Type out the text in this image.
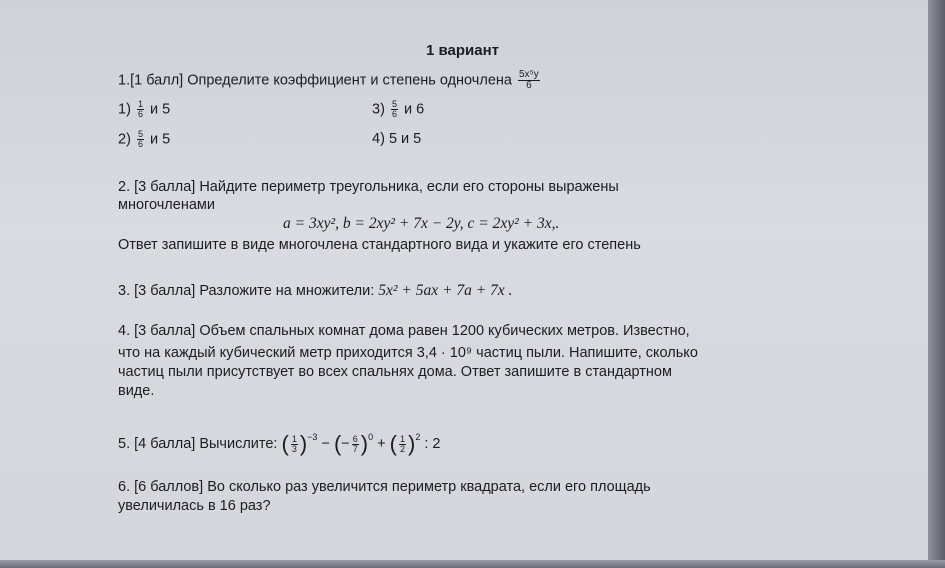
1 вариант
1.[1 балл] Определите коэффициент и степень одночлена $\frac{\text{5x⁵y}}{6}$
$1) \frac{1}{6}$ и 5
$2) \frac{5}{6}$ и 5
$3) \frac{5}{6}$ и 6
4) 5 и 5
2. [3 балла] Найдите периметр треугольника, если его стороны выражены
многочленами
a = 3xy², b = 2xy² + 7x − 2y, c = 2xy² + 3x,.
Ответ запишите в виде многочлена стандартного вида и укажите его степень
3. [3 балла] Разложите на множители: 5x² + 5ax + 7a + 7x .
4. [3 балла] Объем спальных комнат дома равен 1200 кубических метров. Известно,
что на каждый кубический метр приходится 3,4 · 10⁹ частиц пыли. Напишите, сколько
частиц пыли присутствует во всех спальнях дома. Ответ запишите в стандартном
виде.
5. [4 балла] Вычислите: ( $\frac{1}{3} )^{-3}$ − (− $\frac{6}{7} )^0$ + ( $\frac{1}{2} )^2$ : 2
6. [6 баллов] Во сколько раз увеличится периметр квадрата, если его площадь
увеличилась в 16 раз?
